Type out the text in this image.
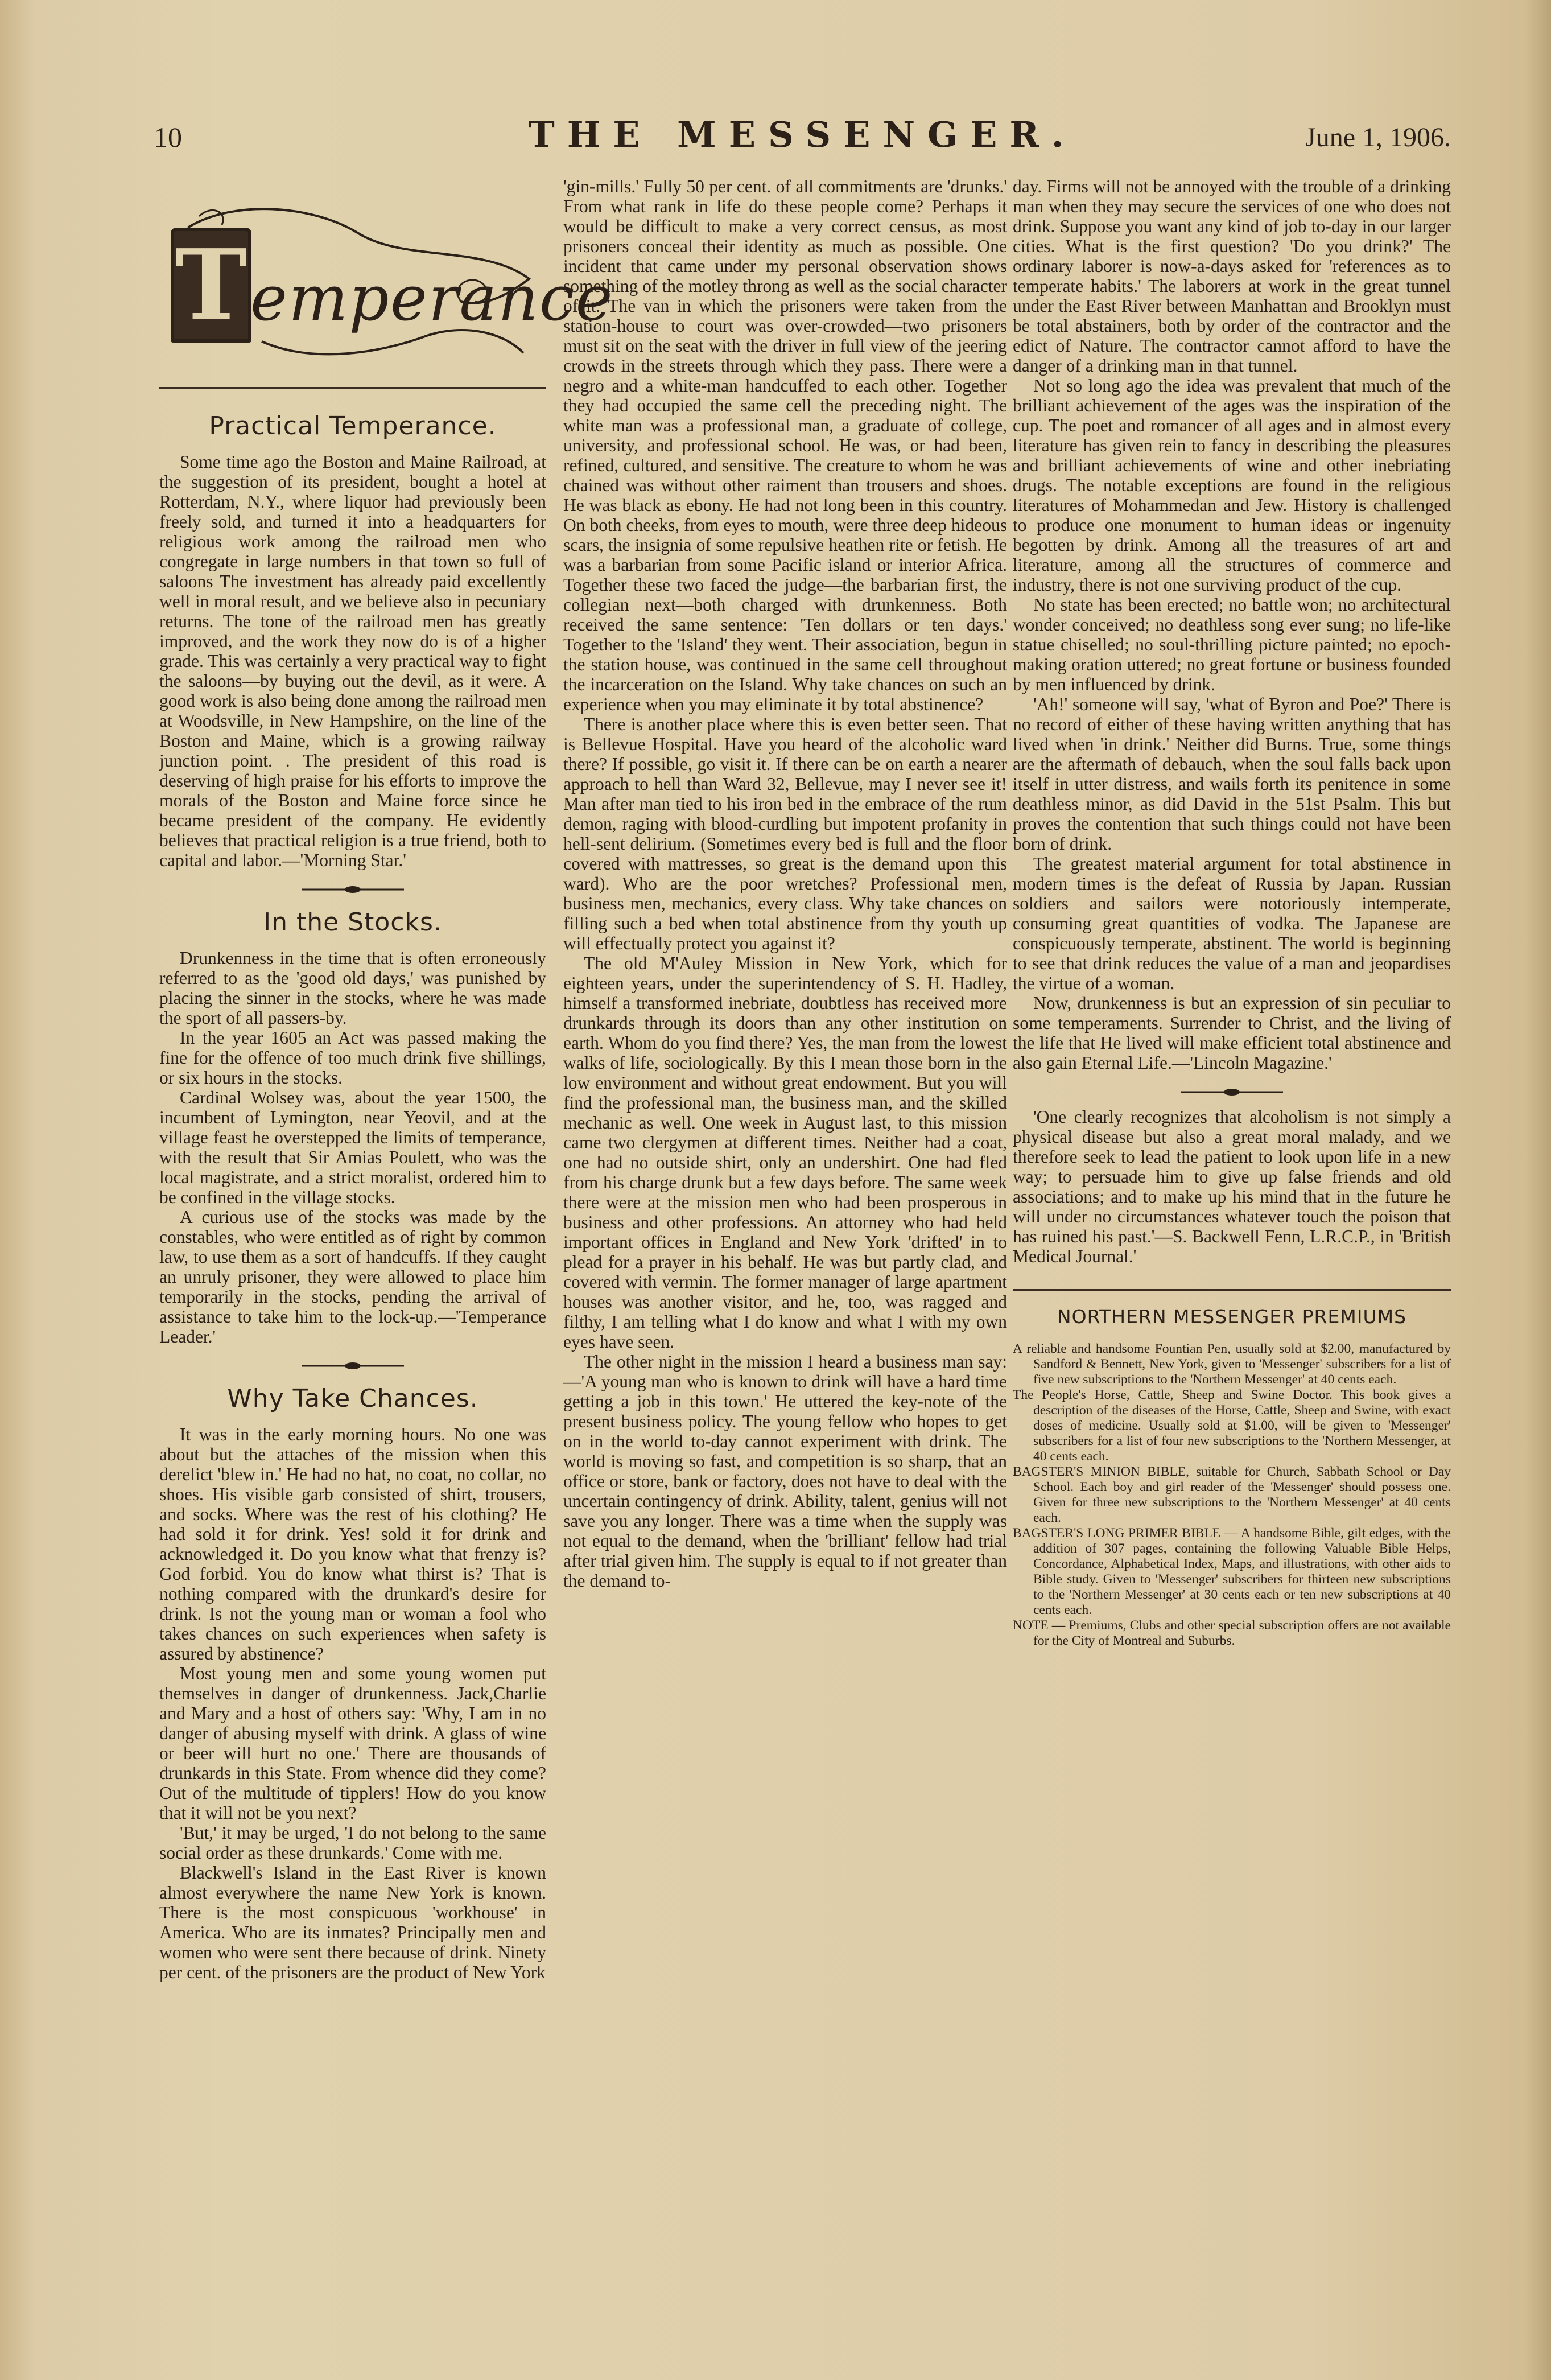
10	THE MESSENGER.	June 1, 1906.
T emperance
Practical Temperance.

Some time ago the Boston and Maine Railroad, at the suggestion of its president, bought a hotel at Rotterdam, N.Y., where liquor had previously been freely sold, and turned it into a headquarters for religious work among the railroad men who congregate in large numbers in that town so full of saloons The investment has already paid excellently well in moral result, and we believe also in pecuniary returns. The tone of the railroad men has greatly improved, and the work they now do is of a higher grade. This was certainly a very practical way to fight the saloons—by buying out the devil, as it were. A good work is also being done among the railroad men at Woodsville, in New Hampshire, on the line of the Boston and Maine, which is a growing railway junction point. . The president of this road is deserving of high praise for his efforts to improve the morals of the Boston and Maine force since he became president of the company. He evidently believes that practical religion is a true friend, both to capital and labor.—'Morning Star.'

In the Stocks.

Drunkenness in the time that is often erroneously referred to as the 'good old days,' was punished by placing the sinner in the stocks, where he was made the sport of all passers-by.

In the year 1605 an Act was passed making the fine for the offence of too much drink five shillings, or six hours in the stocks.

Cardinal Wolsey was, about the year 1500, the incumbent of Lymington, near Yeovil, and at the village feast he overstepped the limits of temperance, with the result that Sir Amias Poulett, who was the local magistrate, and a strict moralist, ordered him to be confined in the village stocks.

A curious use of the stocks was made by the constables, who were entitled as of right by common law, to use them as a sort of handcuffs. If they caught an unruly prisoner, they were allowed to place him temporarily in the stocks, pending the arrival of assistance to take him to the lock-up.—'Temperance Leader.'

Why Take Chances.

It was in the early morning hours. No one was about but the attaches of the mission when this derelict 'blew in.' He had no hat, no coat, no collar, no shoes. His visible garb consisted of shirt, trousers, and socks. Where was the rest of his clothing? He had sold it for drink. Yes! sold it for drink and acknowledged it. Do you know what that frenzy is? God forbid. You do know what thirst is? That is nothing compared with the drunkard's desire for drink. Is not the young man or woman a fool who takes chances on such experiences when safety is assured by abstinence?

Most young men and some young women put themselves in danger of drunkenness. Jack,Charlie and Mary and a host of others say: 'Why, I am in no danger of abusing myself with drink. A glass of wine or beer will hurt no one.' There are thousands of drunkards in this State. From whence did they come? Out of the multitude of tipplers! How do you know that it will not be you next?

'But,' it may be urged, 'I do not belong to the same social order as these drunkards.' Come with me.

Blackwell's Island in the East River is known almost everywhere the name New York is known. There is the most conspicuous 'workhouse' in America. Who are its inmates? Principally men and women who were sent there because of drink. Ninety per cent. of the prisoners are the product of New York

'gin-mills.' Fully 50 per cent. of all commitments are 'drunks.' From what rank in life do these people come? Perhaps it would be difficult to make a very correct census, as most prisoners conceal their identity as much as possible. One incident that came under my personal observation shows something of the motley throng as well as the social character of it. The van in which the prisoners were taken from the station-house to court was over-crowded—two prisoners must sit on the seat with the driver in full view of the jeering crowds in the streets through which they pass. There were a negro and a white-man handcuffed to each other. Together they had occupied the same cell the preceding night. The white man was a professional man, a graduate of college, university, and professional school. He was, or had been, refined, cultured, and sensitive. The creature to whom he was chained was without other raiment than trousers and shoes. He was black as ebony. He had not long been in this country. On both cheeks, from eyes to mouth, were three deep hideous scars, the insignia of some repulsive heathen rite or fetish. He was a barbarian from some Pacific island or interior Africa. Together these two faced the judge—the barbarian first, the collegian next—both charged with drunkenness. Both received the same sentence: 'Ten dollars or ten days.' Together to the 'Island' they went. Their association, begun in the station house, was continued in the same cell throughout the incarceration on the Island. Why take chances on such an experience when you may eliminate it by total abstinence?

There is another place where this is even better seen. That is Bellevue Hospital. Have you heard of the alcoholic ward there? If possible, go visit it. If there can be on earth a nearer approach to hell than Ward 32, Bellevue, may I never see it! Man after man tied to his iron bed in the embrace of the rum demon, raging with blood-curdling but impotent profanity in hell-sent delirium. (Sometimes every bed is full and the floor covered with mattresses, so great is the demand upon this ward). Who are the poor wretches? Professional men, business men, mechanics, every class. Why take chances on filling such a bed when total abstinence from thy youth up will effectually protect you against it?

The old M'Auley Mission in New York, which for eighteen years, under the superintendency of S. H. Hadley, himself a transformed inebriate, doubtless has received more drunkards through its doors than any other institution on earth. Whom do you find there? Yes, the man from the lowest walks of life, sociologically. By this I mean those born in the low environment and without great endowment. But you will find the professional man, the business man, and the skilled mechanic as well. One week in August last, to this mission came two clergymen at different times. Neither had a coat, one had no outside shirt, only an undershirt. One had fled from his charge drunk but a few days before. The same week there were at the mission men who had been prosperous in business and other professions. An attorney who had held important offices in England and New York 'drifted' in to plead for a prayer in his behalf. He was but partly clad, and covered with vermin. The former manager of large apartment houses was another visitor, and he, too, was ragged and filthy, I am telling what I do know and what I with my own eyes have seen.

The other night in the mission I heard a business man say:—'A young man who is known to drink will have a hard time getting a job in this town.' He uttered the key-note of the present business policy. The young fellow who hopes to get on in the world to-day cannot experiment with drink. The world is moving so fast, and competition is so sharp, that an office or store, bank or factory, does not have to deal with the uncertain contingency of drink. Ability, talent, genius will not save you any longer. There was a time when the supply was not equal to the demand, when the 'brilliant' fellow had trial after trial given him. The supply is equal to if not greater than the demand to-

day. Firms will not be annoyed with the trouble of a drinking man when they may secure the services of one who does not drink. Suppose you want any kind of job to-day in our larger cities. What is the first question? 'Do you drink?' The ordinary laborer is now-a-days asked for 'references as to temperate habits.' The laborers at work in the great tunnel under the East River between Manhattan and Brooklyn must be total abstainers, both by order of the contractor and the edict of Nature. The contractor cannot afford to have the danger of a drinking man in that tunnel.

Not so long ago the idea was prevalent that much of the brilliant achievement of the ages was the inspiration of the cup. The poet and romancer of all ages and in almost every literature has given rein to fancy in describing the pleasures and brilliant achievements of wine and other inebriating drugs. The notable exceptions are found in the religious literatures of Mohammedan and Jew. History is challenged to produce one monument to human ideas or ingenuity begotten by drink. Among all the treasures of art and literature, among all the structures of commerce and industry, there is not one surviving product of the cup.

No state has been erected; no battle won; no architectural wonder conceived; no deathless song ever sung; no life-like statue chiselled; no soul-thrilling picture painted; no epoch-making oration uttered; no great fortune or business founded by men influenced by drink.

'Ah!' someone will say, 'what of Byron and Poe?' There is no record of either of these having written anything that has lived when 'in drink.' Neither did Burns. True, some things are the aftermath of debauch, when the soul falls back upon itself in utter distress, and wails forth its penitence in some deathless minor, as did David in the 51st Psalm. This but proves the contention that such things could not have been born of drink.

The greatest material argument for total abstinence in modern times is the defeat of Russia by Japan. Russian soldiers and sailors were notoriously intemperate, consuming great quantities of vodka. The Japanese are conspicuously temperate, abstinent. The world is beginning to see that drink reduces the value of a man and jeopardises the virtue of a woman.

Now, drunkenness is but an expression of sin peculiar to some temperaments. Surrender to Christ, and the living of the life that He lived will make efficient total abstinence and also gain Eternal Life.—'Lincoln Magazine.'

'One clearly recognizes that alcoholism is not simply a physical disease but also a great moral malady, and we therefore seek to lead the patient to look upon life in a new way; to persuade him to give up false friends and old associations; and to make up his mind that in the future he will under no circumstances whatever touch the poison that has ruined his past.'—S. Backwell Fenn, L.R.C.P., in 'British Medical Journal.'

NORTHERN MESSENGER PREMIUMS

A reliable and handsome Fountian Pen, usually sold at $2.00, manufactured by Sandford & Bennett, New York, given to 'Messenger' subscribers for a list of five new subscriptions to the 'Northern Messenger' at 40 cents each.

The People's Horse, Cattle, Sheep and Swine Doctor. This book gives a description of the diseases of the Horse, Cattle, Sheep and Swine, with exact doses of medicine. Usually sold at $1.00, will be given to 'Messenger' subscribers for a list of four new subscriptions to the 'Northern Messenger, at 40 cents each.

BAGSTER'S MINION BIBLE, suitable for Church, Sabbath School or Day School. Each boy and girl reader of the 'Messenger' should possess one. Given for three new subscriptions to the 'Northern Messenger' at 40 cents each.

BAGSTER'S LONG PRIMER BIBLE — A handsome Bible, gilt edges, with the addition of 307 pages, containing the following Valuable Bible Helps, Concordance, Alphabetical Index, Maps, and illustrations, with other aids to Bible study. Given to 'Messenger' subscribers for thirteen new subscriptions to the 'Northern Messenger' at 30 cents each or ten new subscriptions at 40 cents each.

NOTE — Premiums, Clubs and other special subscription offers are not available for the City of Montreal and Suburbs.
